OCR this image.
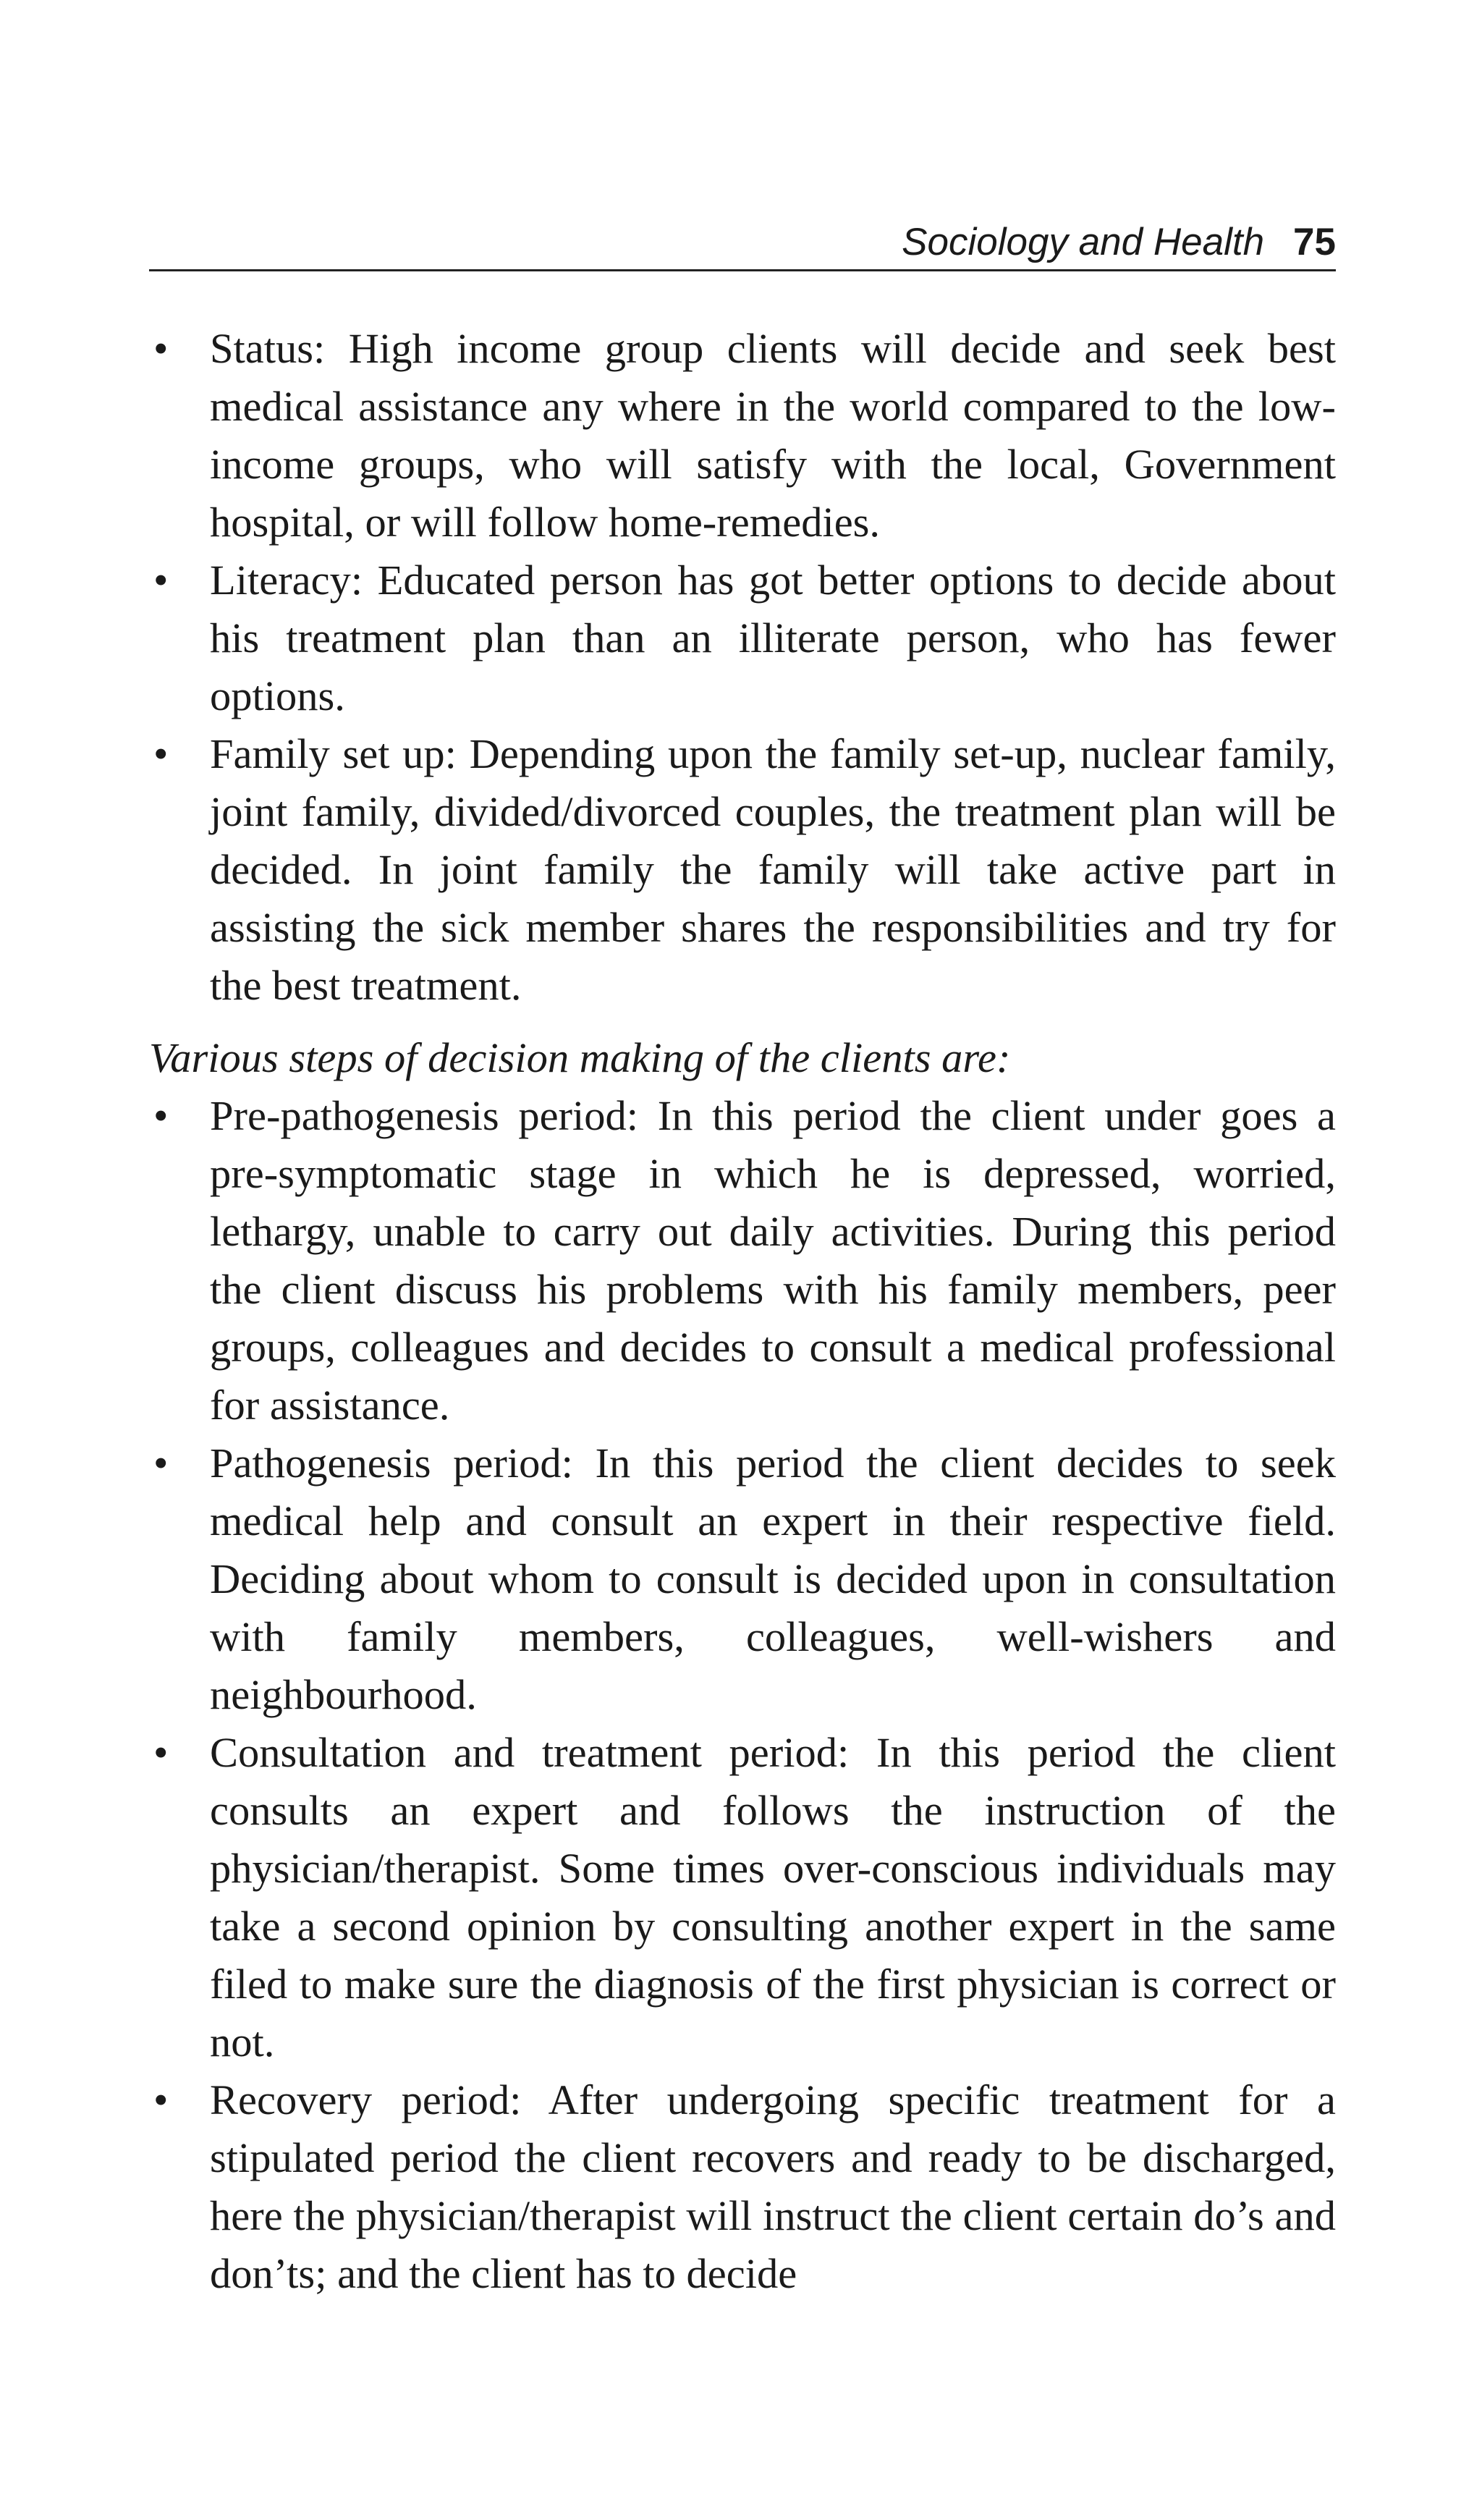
Sociology and Health 75
• Status: High income group clients will decide and seek best medical assistance any where in the world compared to the low-income groups, who will satisfy with the local, Government hospital, or will follow home-remedies.
• Literacy: Educated person has got better options to decide about his treatment plan than an illiterate person, who has fewer options.
• Family set up: Depending upon the family set-up, nuclear family, joint family, divided/divorced couples, the treatment plan will be decided. In joint family the family will take active part in assisting the sick member shares the responsibilities and try for the best treatment.

Various steps of decision making of the clients are:

• Pre-pathogenesis period: In this period the client under goes a pre-symptomatic stage in which he is depressed, worried, lethargy, unable to carry out daily activities. During this period the client discuss his problems with his family members, peer groups, colleagues and decides to consult a medical professional for assistance.
• Pathogenesis period: In this period the client decides to seek medical help and consult an expert in their respective field. Deciding about whom to consult is decided upon in consultation with family members, colleagues, well-wishers and neighbourhood.
• Consultation and treatment period: In this period the client consults an expert and follows the instruction of the physician/therapist. Some times over-conscious individuals may take a second opinion by consulting another expert in the same filed to make sure the diagnosis of the first physician is correct or not.
• Recovery period: After undergoing specific treatment for a stipulated period the client recovers and ready to be discharged, here the physician/therapist will instruct the client certain do’s and don’ts; and the client has to decide
